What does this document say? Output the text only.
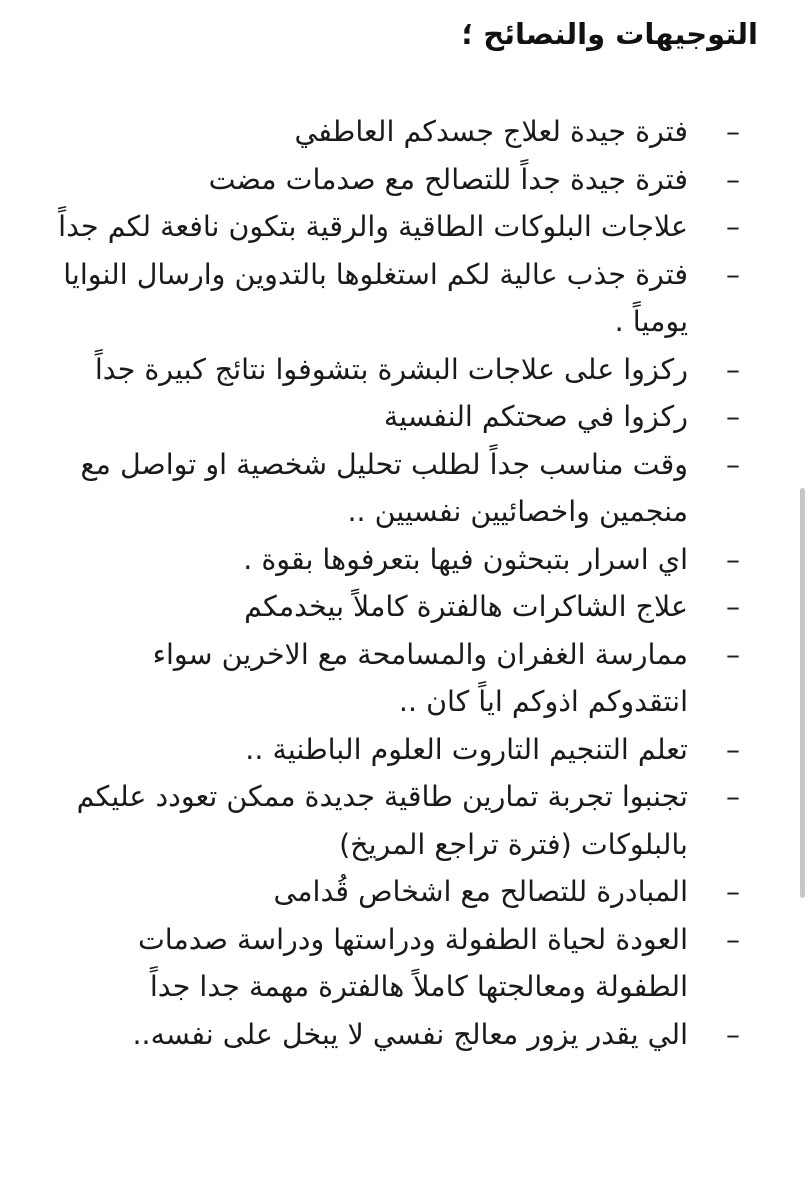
التوجيهات والنصائح ؛
–
فترة جيدة لعلاج جسدكم العاطفي
–
فترة جيدة جداً للتصالح مع صدمات مضت
–
علاجات البلوكات الطاقية والرقية بتكون نافعة لكم جداً
–
فترة جذب عالية لكم استغلوها بالتدوين وارسال النوايا يومياً .
–
ركزوا على علاجات البشرة بتشوفوا نتائج كبيرة جداً
–
ركزوا في صحتكم النفسية
–
وقت مناسب جداً لطلب تحليل شخصية او تواصل مع منجمين واخصائيين نفسيين ..
–
اي اسرار بتبحثون فيها بتعرفوها بقوة .
–
علاج الشاكرات هالفترة كاملاً بيخدمكم
–
ممارسة الغفران والمسامحة مع الاخرين سواء انتقدوكم اذوكم اياً كان ..
–
تعلم التنجيم التاروت العلوم الباطنية ..
–
تجنبوا تجربة تمارين طاقية جديدة ممكن تعودد عليكم بالبلوكات (فترة تراجع المريخ)
–
المبادرة للتصالح مع اشخاص قُدامى
–
العودة لحياة الطفولة ودراستها ودراسة صدمات الطفولة ومعالجتها كاملاً هالفترة مهمة جدا جداً
–
الي يقدر يزور معالج نفسي لا يبخل على نفسه..
